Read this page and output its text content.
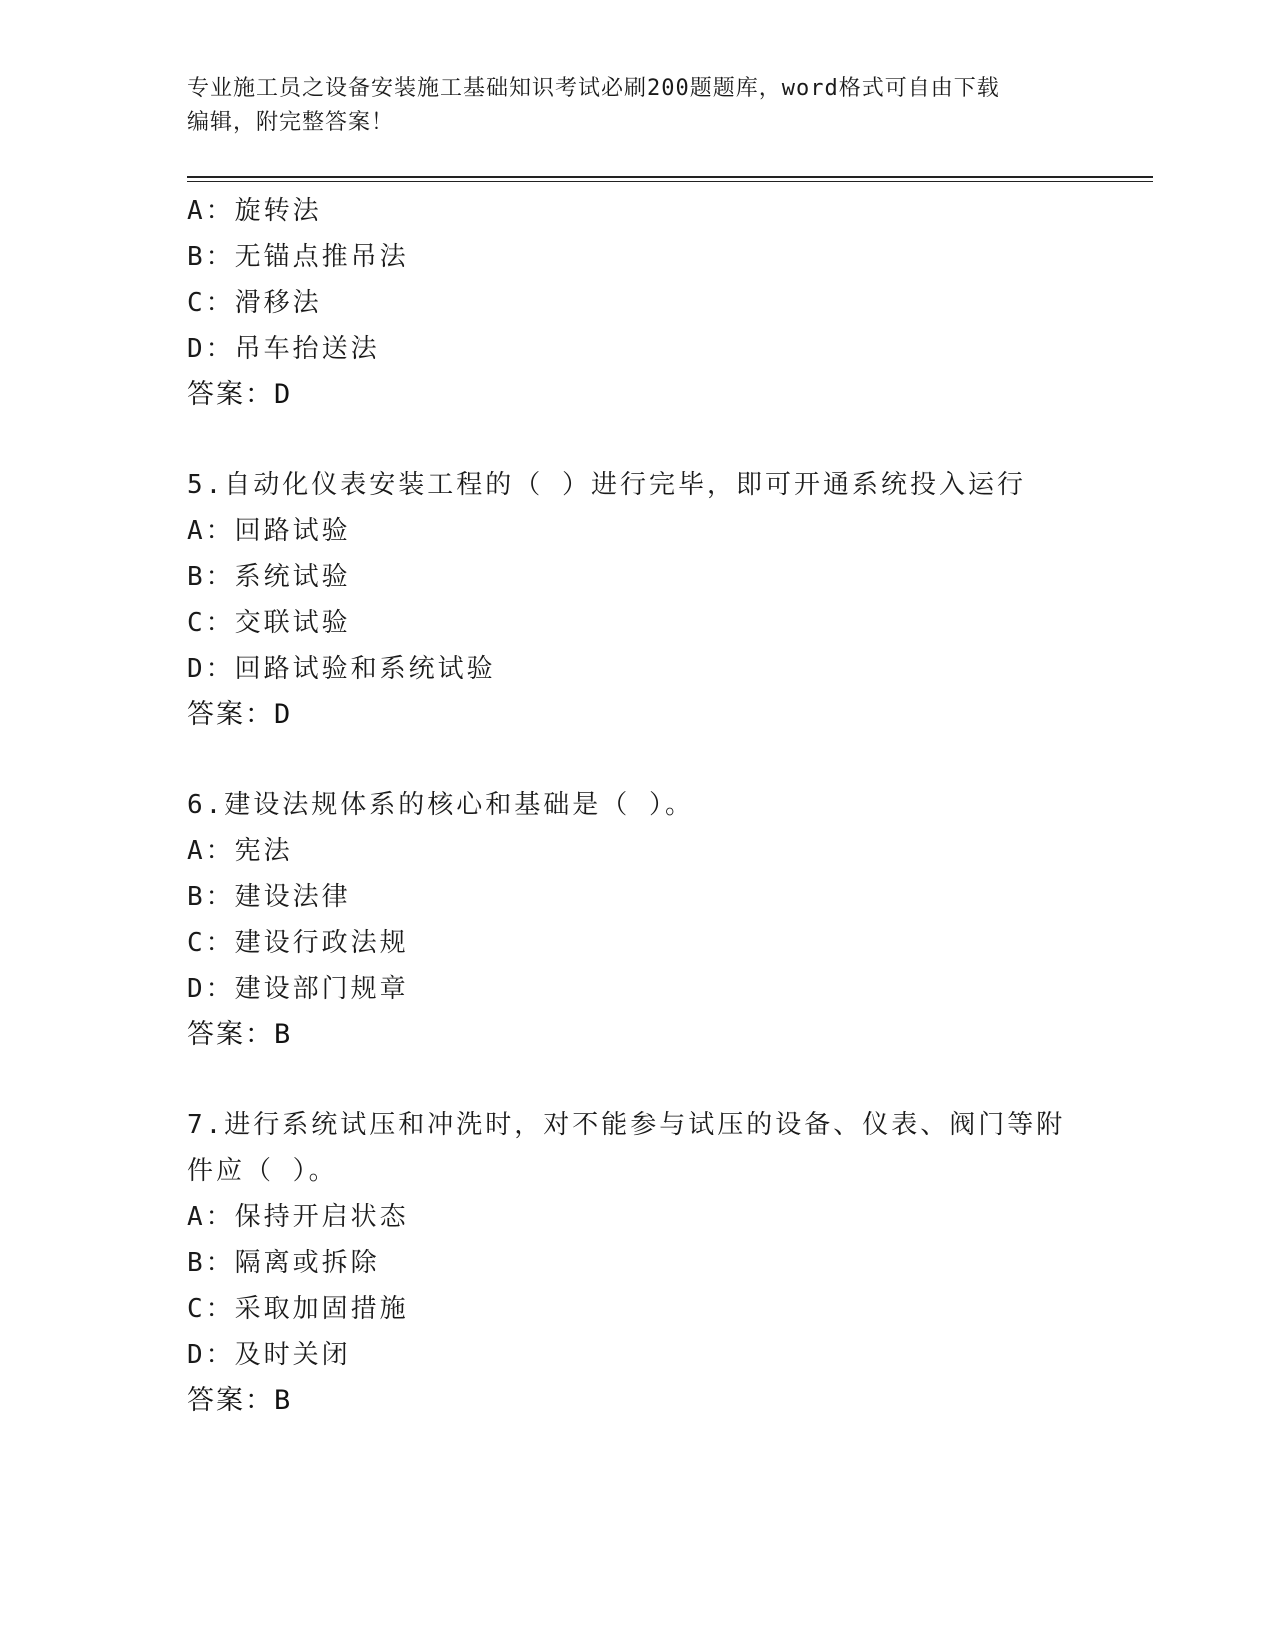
专业施工员之设备安装施工基础知识考试必刷200题题库，word格式可自由下载
编辑，附完整答案！
A：旋转法
B：无锚点推吊法
C：滑移法
D：吊车抬送法
答案：D
5.自动化仪表安装工程的（ ）进行完毕，即可开通系统投入运行
A：回路试验
B：系统试验
C：交联试验
D：回路试验和系统试验
答案：D
6.建设法规体系的核心和基础是（ ）。
A：宪法
B：建设法律
C：建设行政法规
D：建设部门规章
答案：B
7.进行系统试压和冲洗时，对不能参与试压的设备、仪表、阀门等附
件应（ ）。
A：保持开启状态
B：隔离或拆除
C：采取加固措施
D：及时关闭
答案：B
